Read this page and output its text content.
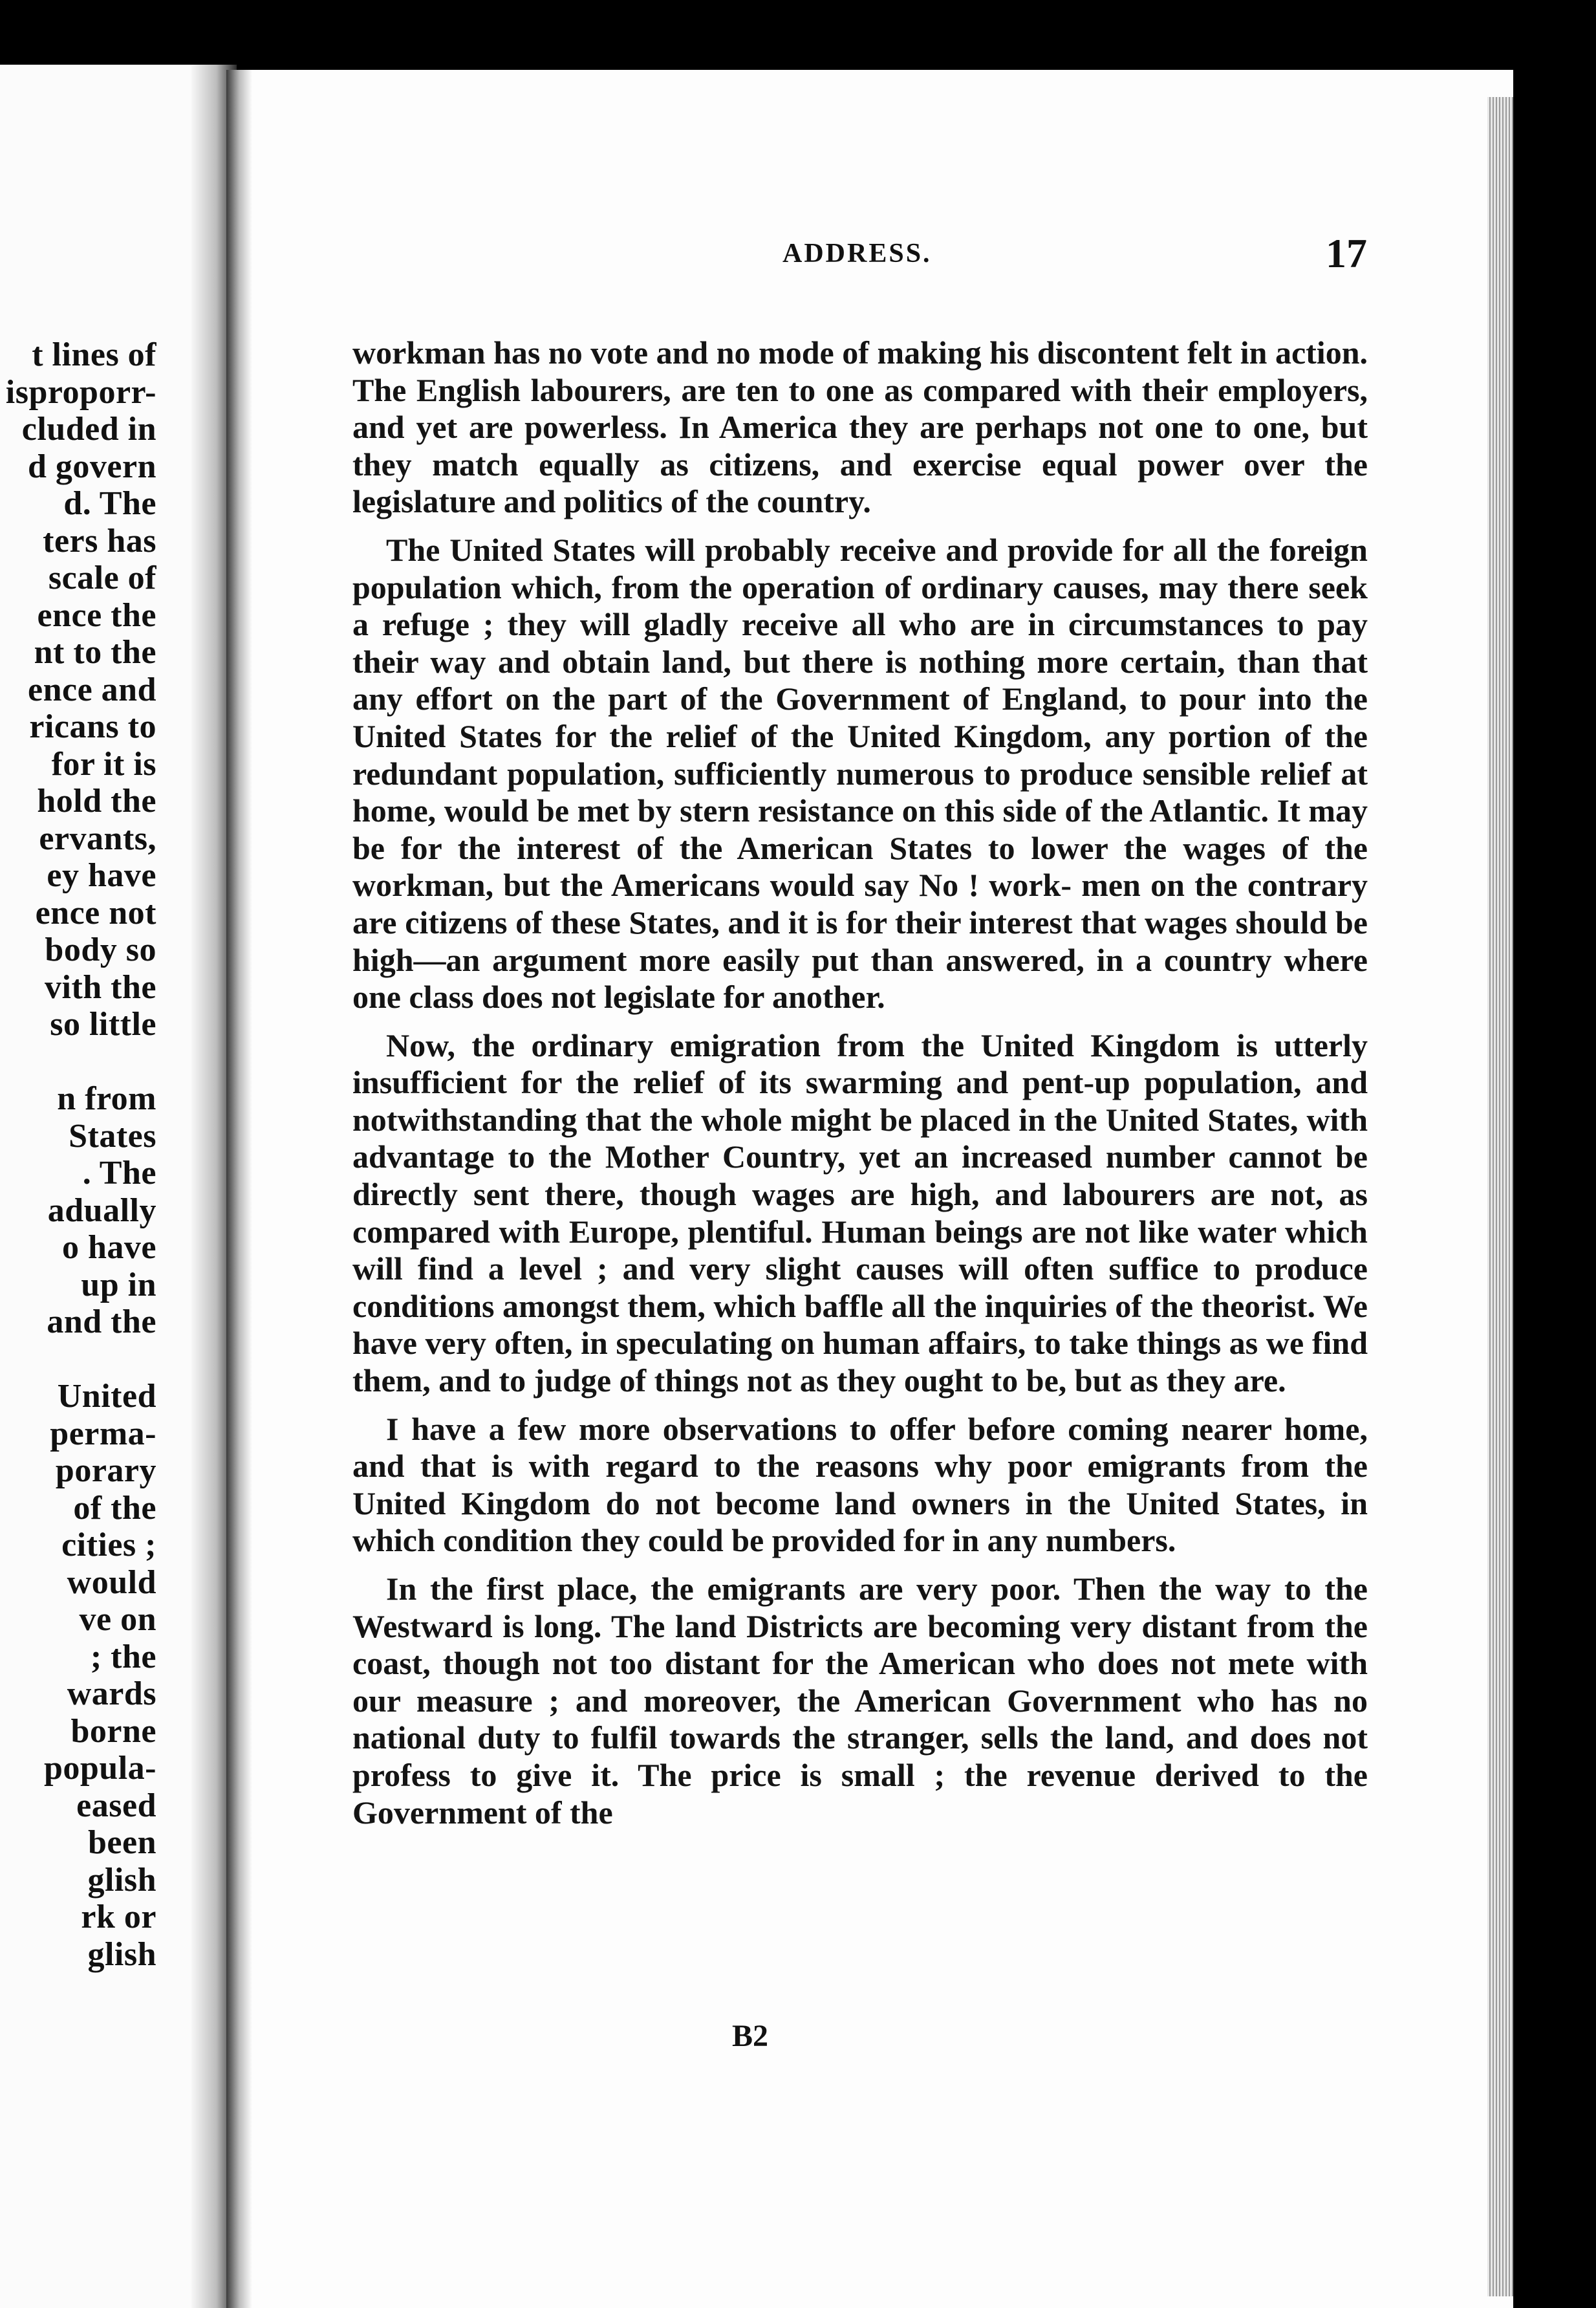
t lines of
isproporr-
cluded in
d govern
d. The
ters has
scale of
ence the
nt to the
ence and
ricans to
for it is
hold the
ervants,
ey have
ence not
body so
vith the
so little
n from
States
. The
adually
o have
up in
and the
United
perma-
porary
of the
cities ;
would
ve on
; the
wards
borne
popula-
eased
been
glish
rk or
glish
ADDRESS.	17

workman has no vote and no mode of making his discontent felt in action. The English labourers, are ten to one as compared with their employers, and yet are powerless. In America they are perhaps not one to one, but they match equally as citizens, and exercise equal power over the legislature and politics of the country.

The United States will probably receive and provide for all the foreign population which, from the operation of ordinary causes, may there seek a refuge ; they will gladly receive all who are in circumstances to pay their way and obtain land, but there is nothing more certain, than that any effort on the part of the Government of England, to pour into the United States for the relief of the United Kingdom, any portion of the redundant population, sufficiently numerous to produce sensible relief at home, would be met by stern resistance on this side of the Atlantic. It may be for the interest of the American States to lower the wages of the workman, but the Americans would say No ! work- men on the contrary are citizens of these States, and it is for their interest that wages should be high—an argument more easily put than answered, in a country where one class does not legislate for another.

Now, the ordinary emigration from the United Kingdom is utterly insufficient for the relief of its swarming and pent-up population, and notwithstanding that the whole might be placed in the United States, with advantage to the Mother Country, yet an increased number cannot be directly sent there, though wages are high, and labourers are not, as compared with Europe, plentiful. Human beings are not like water which will find a level ; and very slight causes will often suffice to produce conditions amongst them, which baffle all the inquiries of the theorist. We have very often, in speculating on human affairs, to take things as we find them, and to judge of things not as they ought to be, but as they are.

I have a few more observations to offer before coming nearer home, and that is with regard to the reasons why poor emigrants from the United Kingdom do not become land owners in the United States, in which condition they could be provided for in any numbers.

In the first place, the emigrants are very poor. Then the way to the Westward is long. The land Districts are becoming very distant from the coast, though not too distant for the American who does not mete with our measure ; and moreover, the American Government who has no national duty to fulfil towards the stranger, sells the land, and does not profess to give it. The price is small ; the revenue derived to the Government of the

B2
